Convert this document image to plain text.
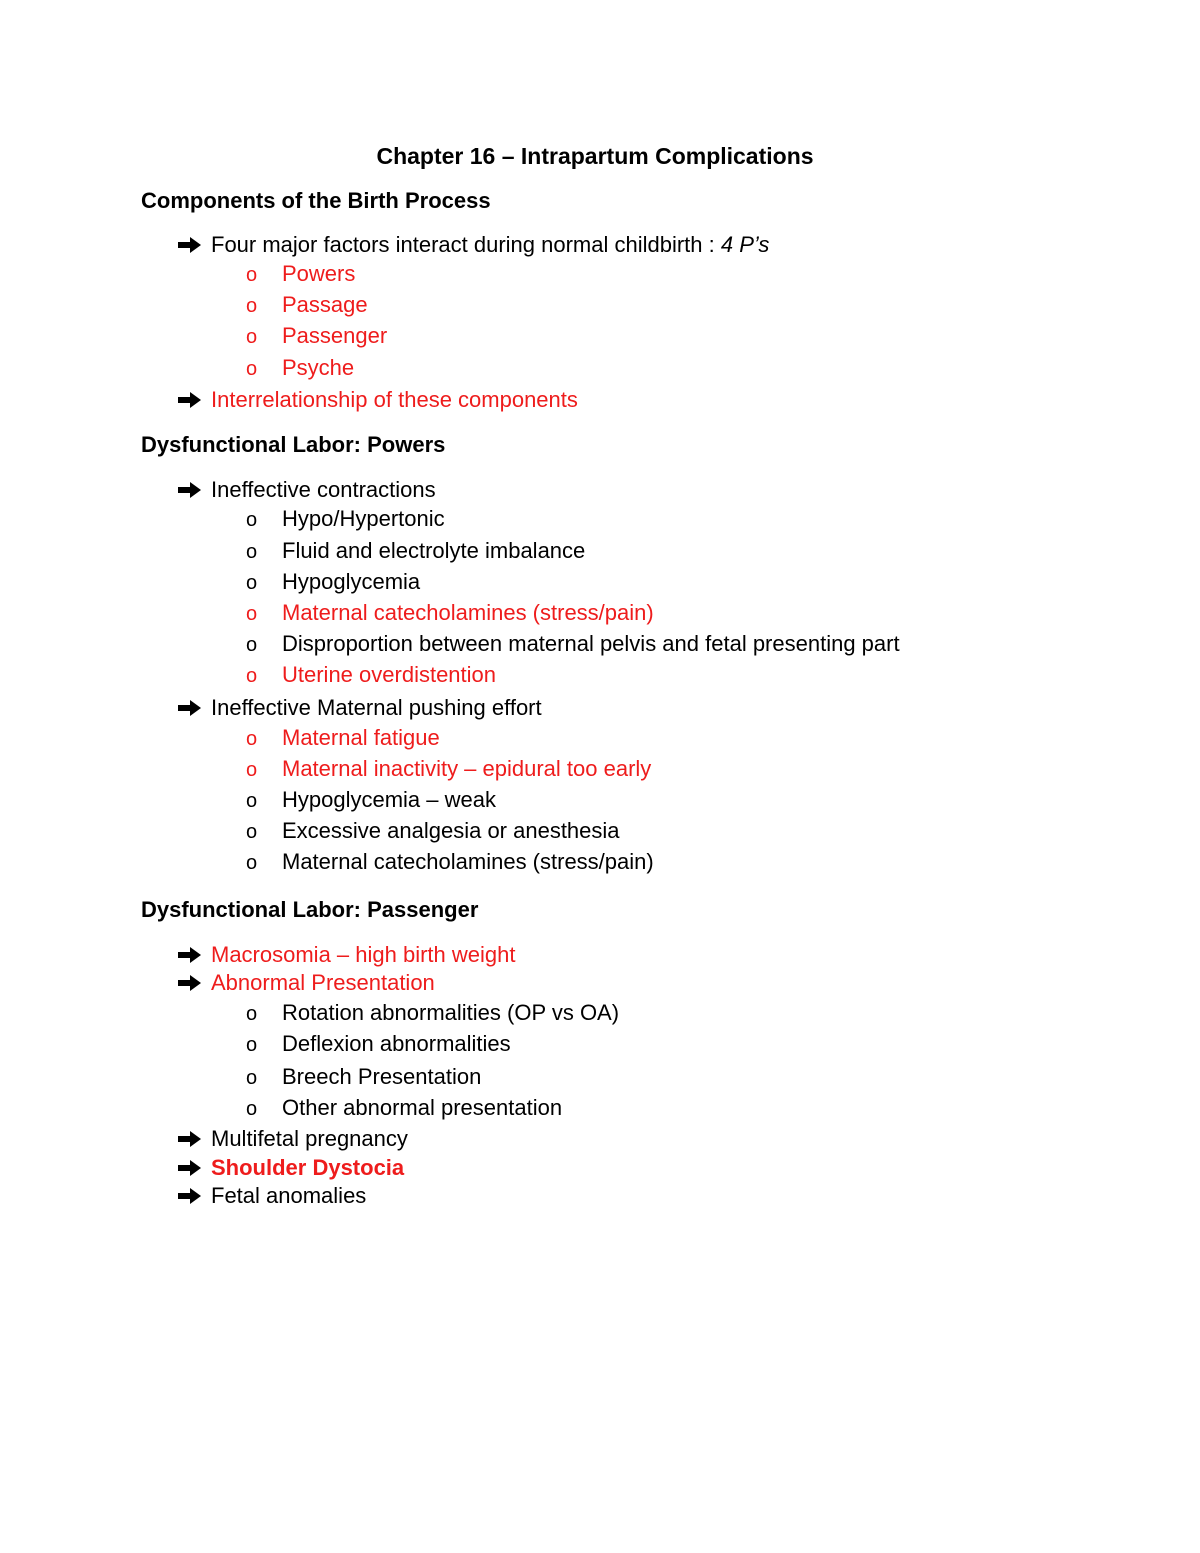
Chapter 16 – Intrapartum Complications
Components of the Birth Process
Four major factors interact during normal childbirth : 4 P’s
o Powers
o Passage
o Passenger
o Psyche
Interrelationship of these components
Dysfunctional Labor: Powers
Ineffective contractions
o Hypo/Hypertonic
o Fluid and electrolyte imbalance
o Hypoglycemia
o Maternal catecholamines (stress/pain)
o Disproportion between maternal pelvis and fetal presenting part
o Uterine overdistention
Ineffective Maternal pushing effort
o Maternal fatigue
o Maternal inactivity – epidural too early
o Hypoglycemia – weak
o Excessive analgesia or anesthesia
o Maternal catecholamines (stress/pain)
Dysfunctional Labor: Passenger
Macrosomia – high birth weight
Abnormal Presentation
o Rotation abnormalities (OP vs OA)
o Deflexion abnormalities
o Breech Presentation
o Other abnormal presentation
Multifetal pregnancy
Shoulder Dystocia
Fetal anomalies
